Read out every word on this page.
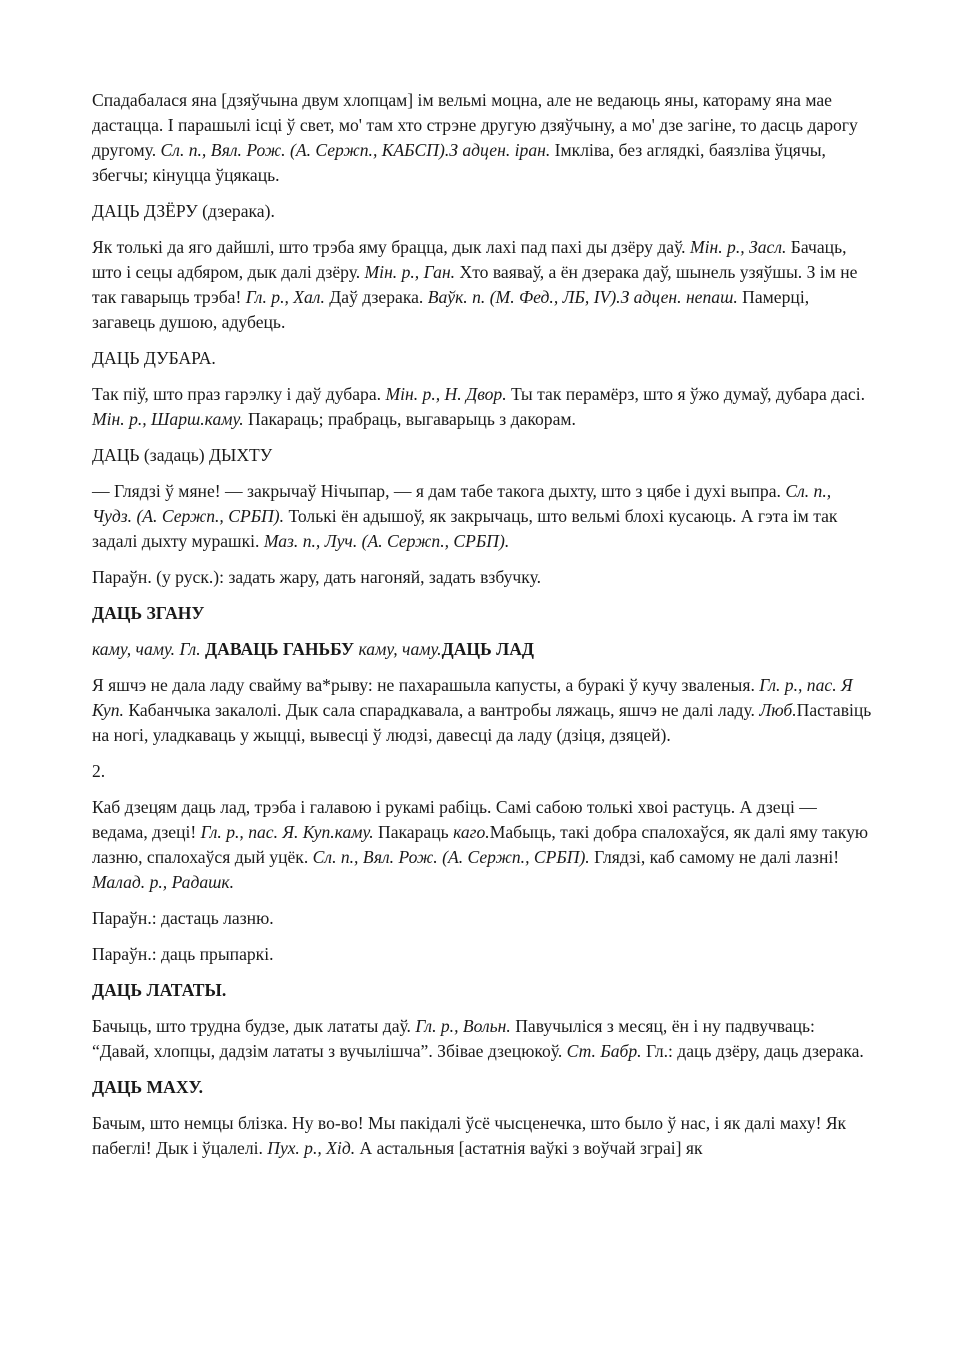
Спадабалася яна [дзяўчына двум хлопцам] ім вельмі моцна, але не ведаюць яны, катораму яна мае дастацца. І парашылі ісці ў свет, мо' там хто стрэне другую дзяўчыну, а мо' дзе загіне, то дасць дарогу другому. Сл. п., Вял. Рож. (А. Сержп., КАБСП).З адцен. іран. Імкліва, без аглядкі, баязліва ўцячы, збегчы; кінуцца ўцякаць.

ДАЦЬ ДЗЁРУ (дзерака).

Як толькі да яго дайшлі, што трэба яму брацца, дык лахі пад пахі ды дзёру даў. Мін. р., Засл. Бачаць, што і сецы адбяром, дык далі дзёру. Мін. р., Ган. Хто ваяваў, а ён дзерака даў, шынель узяўшы. З ім не так гаварыць трэба! Гл. р., Хал. Даў дзерака. Ваўк. п. (М. Фед., ЛБ, IV).З адцен. непаш. Памерці, загавець душою, адубець.

ДАЦЬ ДУБАРА.

Так піў, што праз гарэлку і даў дубара. Мін. р., Н. Двор. Ты так перамёрз, што я ўжо думаў, дубара дасі. Мін. р., Шарш.каму. Пакараць; прабраць, выгаварыць з дакорам.

ДАЦЬ (задаць) ДЫХТУ

— Глядзі ў мяне! — закрычаў Нічыпар, — я дам табе такога дыхту, што з цябе і духі выпра. Сл. п., Чудз. (А. Сержп., СРБП). Толькі ён адышоў, як закрычаць, што вельмі блохі кусаюць. А гэта ім так задалі дыхту мурашкі. Маз. п., Луч. (А. Сержп., СРБП).

Параўн. (у руск.): задать жару, дать нагоняй, задать взбучку.

ДАЦЬ ЗГАНУ

каму, чаму. Гл. ДАВАЦЬ ГАНЬБУ каму, чаму.ДАЦЬ ЛАД

Я яшчэ не дала ладу свайму ва*рыву: не пахарашыла капусты, а буракі ў кучу зваленыя. Гл. р., пас. Я Куп. Кабанчыка закалолі. Дык сала спарадкавала, а вантробы ляжаць, яшчэ не далі ладу. Люб.Паставіць на ногі, уладкаваць у жыцці, вывесці ў людзі, давесці да ладу (дзіця, дзяцей).

2.

Каб дзецям даць лад, трэба і галавою і рукамі рабіць. Самі сабою толькі хвоі растуць. А дзеці — ведама, дзеці! Гл. р., пас. Я. Куп.каму. Пакараць каго.Мабыць, такі добра спалохаўся, як далі яму такую лазню, спалохаўся дый уцёк. Сл. п., Вял. Рож. (А. Сержп., СРБП). Глядзі, каб самому не далі лазні! Малад. р., Радашк.

Параўн.: дастаць лазню.

Параўн.: даць прыпаркі.

ДАЦЬ ЛАТАТЫ.

Бачыць, што трудна будзе, дык лататы даў. Гл. р., Вольн. Павучыліся з месяц, ён і ну падвучваць: “Давай, хлопцы, дадзім лататы з вучылішча”. Збівае дзецюкоў. Ст. Бабр. Гл.: даць дзёру, даць дзерака.

ДАЦЬ МАХУ.

Бачым, што немцы блізка. Ну во-во! Мы пакідалі ўсё чысценечка, што было ў нас, і як далі маху! Як пабеглі! Дык і ўцалелі. Пух. р., Хід. А астальныя [астатнія ваўкі з воўчай зграі] як
